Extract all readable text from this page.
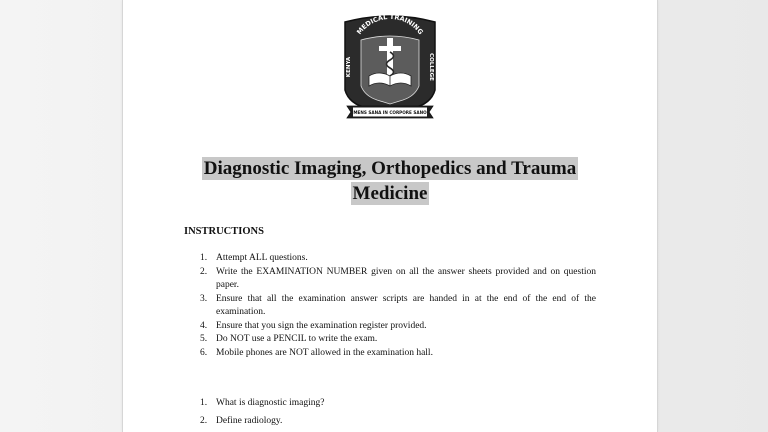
MEDICAL TRAINING
KENYA
COLLEGE
MENS SANA IN CORPORE SANO
Diagnostic Imaging, Orthopedics and Trauma
Medicine
INSTRUCTIONS
1. Attempt ALL questions.
2. Write the EXAMINATION NUMBER given on all the answer sheets provided and on question paper.
3. Ensure that all the examination answer scripts are handed in at the end of the end of the examination.
4. Ensure that you sign the examination register provided.
5. Do NOT use a PENCIL to write the exam.
6. Mobile phones are NOT allowed in the examination hall.
1. What is diagnostic imaging?
2. Define radiology.
